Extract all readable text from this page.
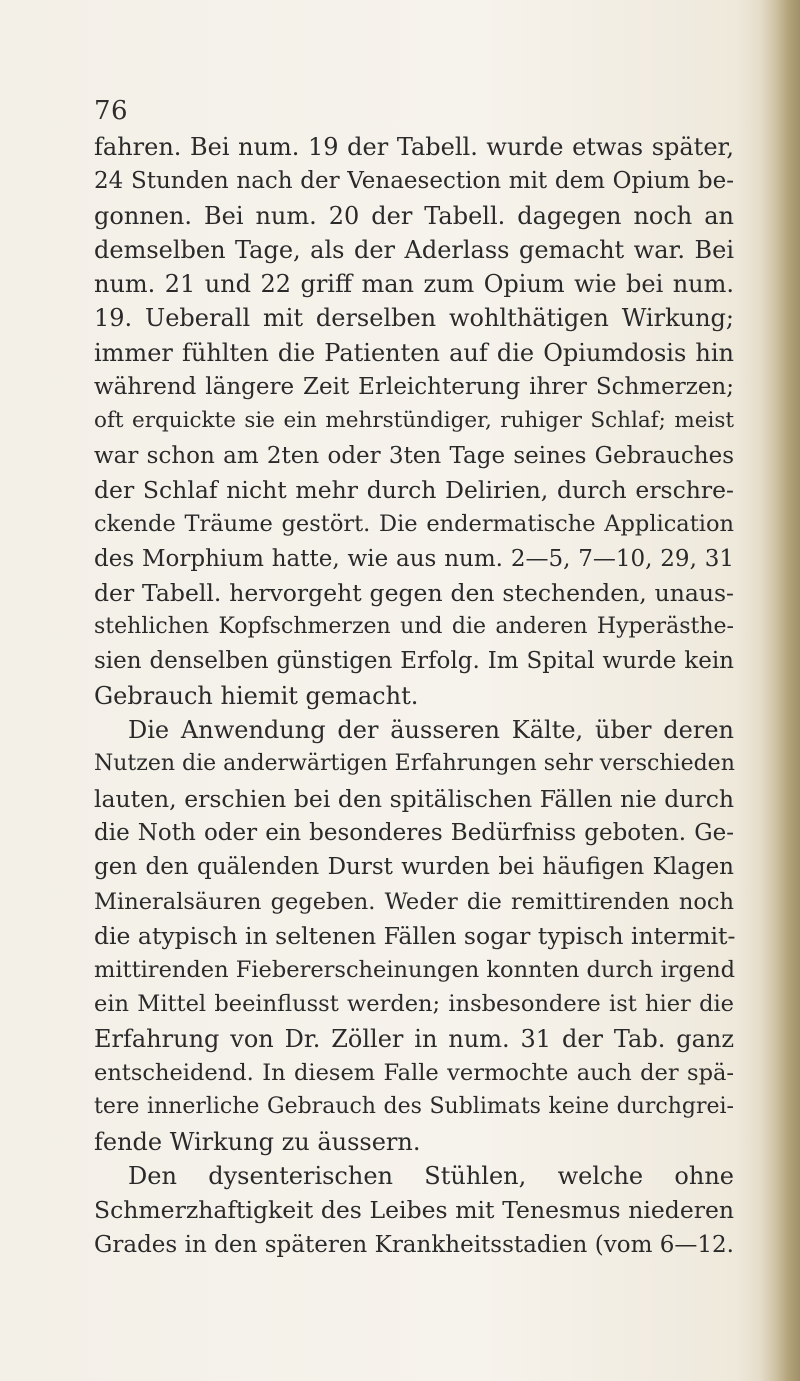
76
fahren. Bei num. 19 der Tabell. wurde etwas später,
24 Stunden nach der Venaesection mit dem Opium be-
gonnen. Bei num. 20 der Tabell. dagegen noch an
demselben Tage, als der Aderlass gemacht war. Bei
num. 21 und 22 griff man zum Opium wie bei num.
19. Ueberall mit derselben wohlthätigen Wirkung;
immer fühlten die Patienten auf die Opiumdosis hin
während längere Zeit Erleichterung ihrer Schmerzen;
oft erquickte sie ein mehrstündiger, ruhiger Schlaf; meist
war schon am 2ten oder 3ten Tage seines Gebrauches
der Schlaf nicht mehr durch Delirien, durch erschre-
ckende Träume gestört. Die endermatische Application
des Morphium hatte, wie aus num. 2—5, 7—10, 29, 31
der Tabell. hervorgeht gegen den stechenden, unaus-
stehlichen Kopfschmerzen und die anderen Hyperästhe-
sien denselben günstigen Erfolg. Im Spital wurde kein
Gebrauch hiemit gemacht.
Die Anwendung der äusseren Kälte, über deren
Nutzen die anderwärtigen Erfahrungen sehr verschieden
lauten, erschien bei den spitälischen Fällen nie durch
die Noth oder ein besonderes Bedürfniss geboten. Ge-
gen den quälenden Durst wurden bei häufigen Klagen
Mineralsäuren gegeben. Weder die remittirenden noch
die atypisch in seltenen Fällen sogar typisch intermit-
mittirenden Fiebererscheinungen konnten durch irgend
ein Mittel beeinflusst werden; insbesondere ist hier die
Erfahrung von Dr. Zöller in num. 31 der Tab. ganz
entscheidend. In diesem Falle vermochte auch der spä-
tere innerliche Gebrauch des Sublimats keine durchgrei-
fende Wirkung zu äussern.
Den dysenterischen Stühlen, welche ohne
Schmerzhaftigkeit des Leibes mit Tenesmus niederen
Grades in den späteren Krankheitsstadien (vom 6—12.
